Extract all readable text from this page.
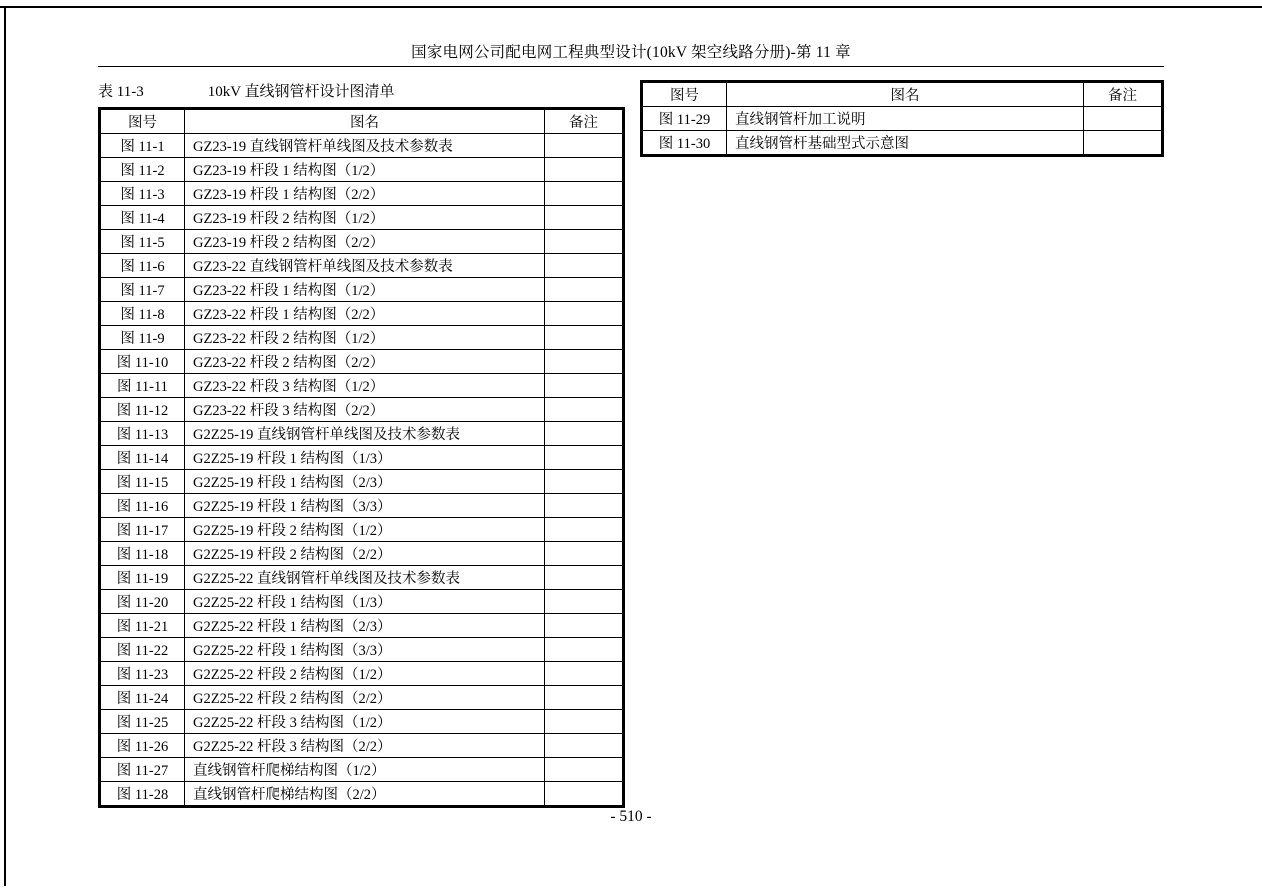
国家电网公司配电网工程典型设计(10kV 架空线路分册)-第 11 章
表 11-3	10kV 直线钢管杆设计图清单
图号	图名	备注
图 11-1	GZ23-19 直线钢管杆单线图及技术参数表	
图 11-2	GZ23-19 杆段 1 结构图（1/2）	
图 11-3	GZ23-19 杆段 1 结构图（2/2）	
图 11-4	GZ23-19 杆段 2 结构图（1/2）	
图 11-5	GZ23-19 杆段 2 结构图（2/2）	
图 11-6	GZ23-22 直线钢管杆单线图及技术参数表	
图 11-7	GZ23-22 杆段 1 结构图（1/2）	
图 11-8	GZ23-22 杆段 1 结构图（2/2）	
图 11-9	GZ23-22 杆段 2 结构图（1/2）	
图 11-10	GZ23-22 杆段 2 结构图（2/2）	
图 11-11	GZ23-22 杆段 3 结构图（1/2）	
图 11-12	GZ23-22 杆段 3 结构图（2/2）	
图 11-13	G2Z25-19 直线钢管杆单线图及技术参数表	
图 11-14	G2Z25-19 杆段 1 结构图（1/3）	
图 11-15	G2Z25-19 杆段 1 结构图（2/3）	
图 11-16	G2Z25-19 杆段 1 结构图（3/3）	
图 11-17	G2Z25-19 杆段 2 结构图（1/2）	
图 11-18	G2Z25-19 杆段 2 结构图（2/2）	
图 11-19	G2Z25-22 直线钢管杆单线图及技术参数表	
图 11-20	G2Z25-22 杆段 1 结构图（1/3）	
图 11-21	G2Z25-22 杆段 1 结构图（2/3）	
图 11-22	G2Z25-22 杆段 1 结构图（3/3）	
图 11-23	G2Z25-22 杆段 2 结构图（1/2）	
图 11-24	G2Z25-22 杆段 2 结构图（2/2）	
图 11-25	G2Z25-22 杆段 3 结构图（1/2）	
图 11-26	G2Z25-22 杆段 3 结构图（2/2）	
图 11-27	直线钢管杆爬梯结构图（1/2）	
图 11-28	直线钢管杆爬梯结构图（2/2）	
图号	图名	备注
图 11-29	直线钢管杆加工说明	
图 11-30	直线钢管杆基础型式示意图	
- 510 -
